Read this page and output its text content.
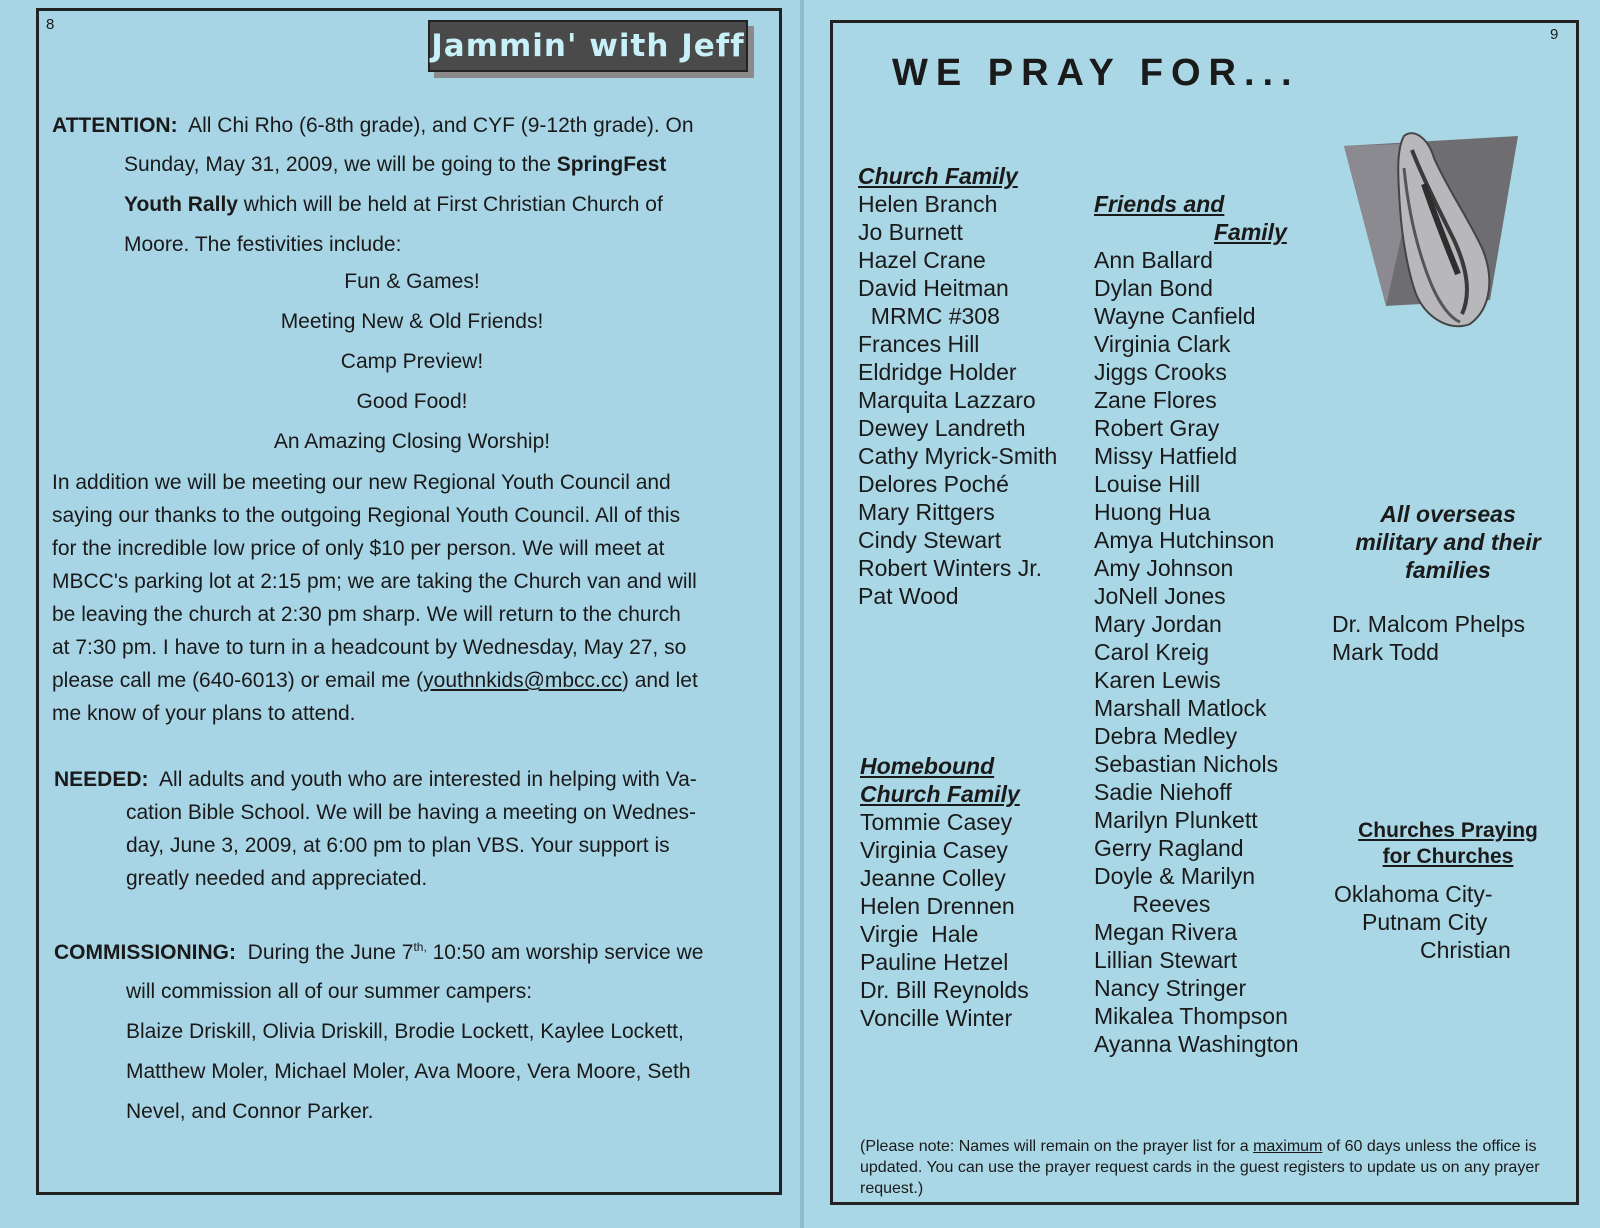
8
Jammin' with Jeff
ATTENTION: All Chi Rho (6-8th grade), and CYF (9-12th grade). On
Sunday, May 31, 2009, we will be going to the SpringFest
Youth Rally which will be held at First Christian Church of
Moore. The festivities include:
Fun & Games!
Meeting New & Old Friends!
Camp Preview!
Good Food!
An Amazing Closing Worship!
In addition we will be meeting our new Regional Youth Council and
saying our thanks to the outgoing Regional Youth Council. All of this
for the incredible low price of only $10 per person. We will meet at
MBCC's parking lot at 2:15 pm; we are taking the Church van and will
be leaving the church at 2:30 pm sharp. We will return to the church
at 7:30 pm. I have to turn in a headcount by Wednesday, May 27, so
please call me (640-6013) or email me (youthnkids@mbcc.cc) and let
me know of your plans to attend.
NEEDED: All adults and youth who are interested in helping with Va-
cation Bible School. We will be having a meeting on Wednes-
day, June 3, 2009, at 6:00 pm to plan VBS. Your support is
greatly needed and appreciated.
COMMISSIONING: During the June $7^{th,}$ 10:50 am worship service we
will commission all of our summer campers:
Blaize Driskill, Olivia Driskill, Brodie Lockett, Kaylee Lockett,
Matthew Moler, Michael Moler, Ava Moore, Vera Moore, Seth
Nevel, and Connor Parker.
9
WE PRAY FOR...
Church Family
Helen Branch
Jo Burnett
Hazel Crane
David Heitman
MRMC #308
Frances Hill
Eldridge Holder
Marquita Lazzaro
Dewey Landreth
Cathy Myrick-Smith
Delores Poché
Mary Rittgers
Cindy Stewart
Robert Winters Jr.
Pat Wood
Homebound
Church Family
Tommie Casey
Virginia Casey
Jeanne Colley
Helen Drennen
Virgie  Hale
Pauline Hetzel
Dr. Bill Reynolds
Voncille Winter
Friends and
Family
Ann Ballard
Dylan Bond
Wayne Canfield
Virginia Clark
Jiggs Crooks
Zane Flores
Robert Gray
Missy Hatfield
Louise Hill
Huong Hua
Amya Hutchinson
Amy Johnson
JoNell Jones
Mary Jordan
Carol Kreig
Karen Lewis
Marshall Matlock
Debra Medley
Sebastian Nichols
Sadie Niehoff
Marilyn Plunkett
Gerry Ragland
Doyle & Marilyn
Reeves
Megan Rivera
Lillian Stewart
Nancy Stringer
Mikalea Thompson
Ayanna Washington
All overseas
military and their
families
Dr. Malcom Phelps
Mark Todd
Churches Praying
for Churches
Oklahoma City-
Putnam City
Christian
(Please note: Names will remain on the prayer list for a maximum of 60 days unless the office is updated. You can use the prayer request cards in the guest registers to update us on any prayer request.)
